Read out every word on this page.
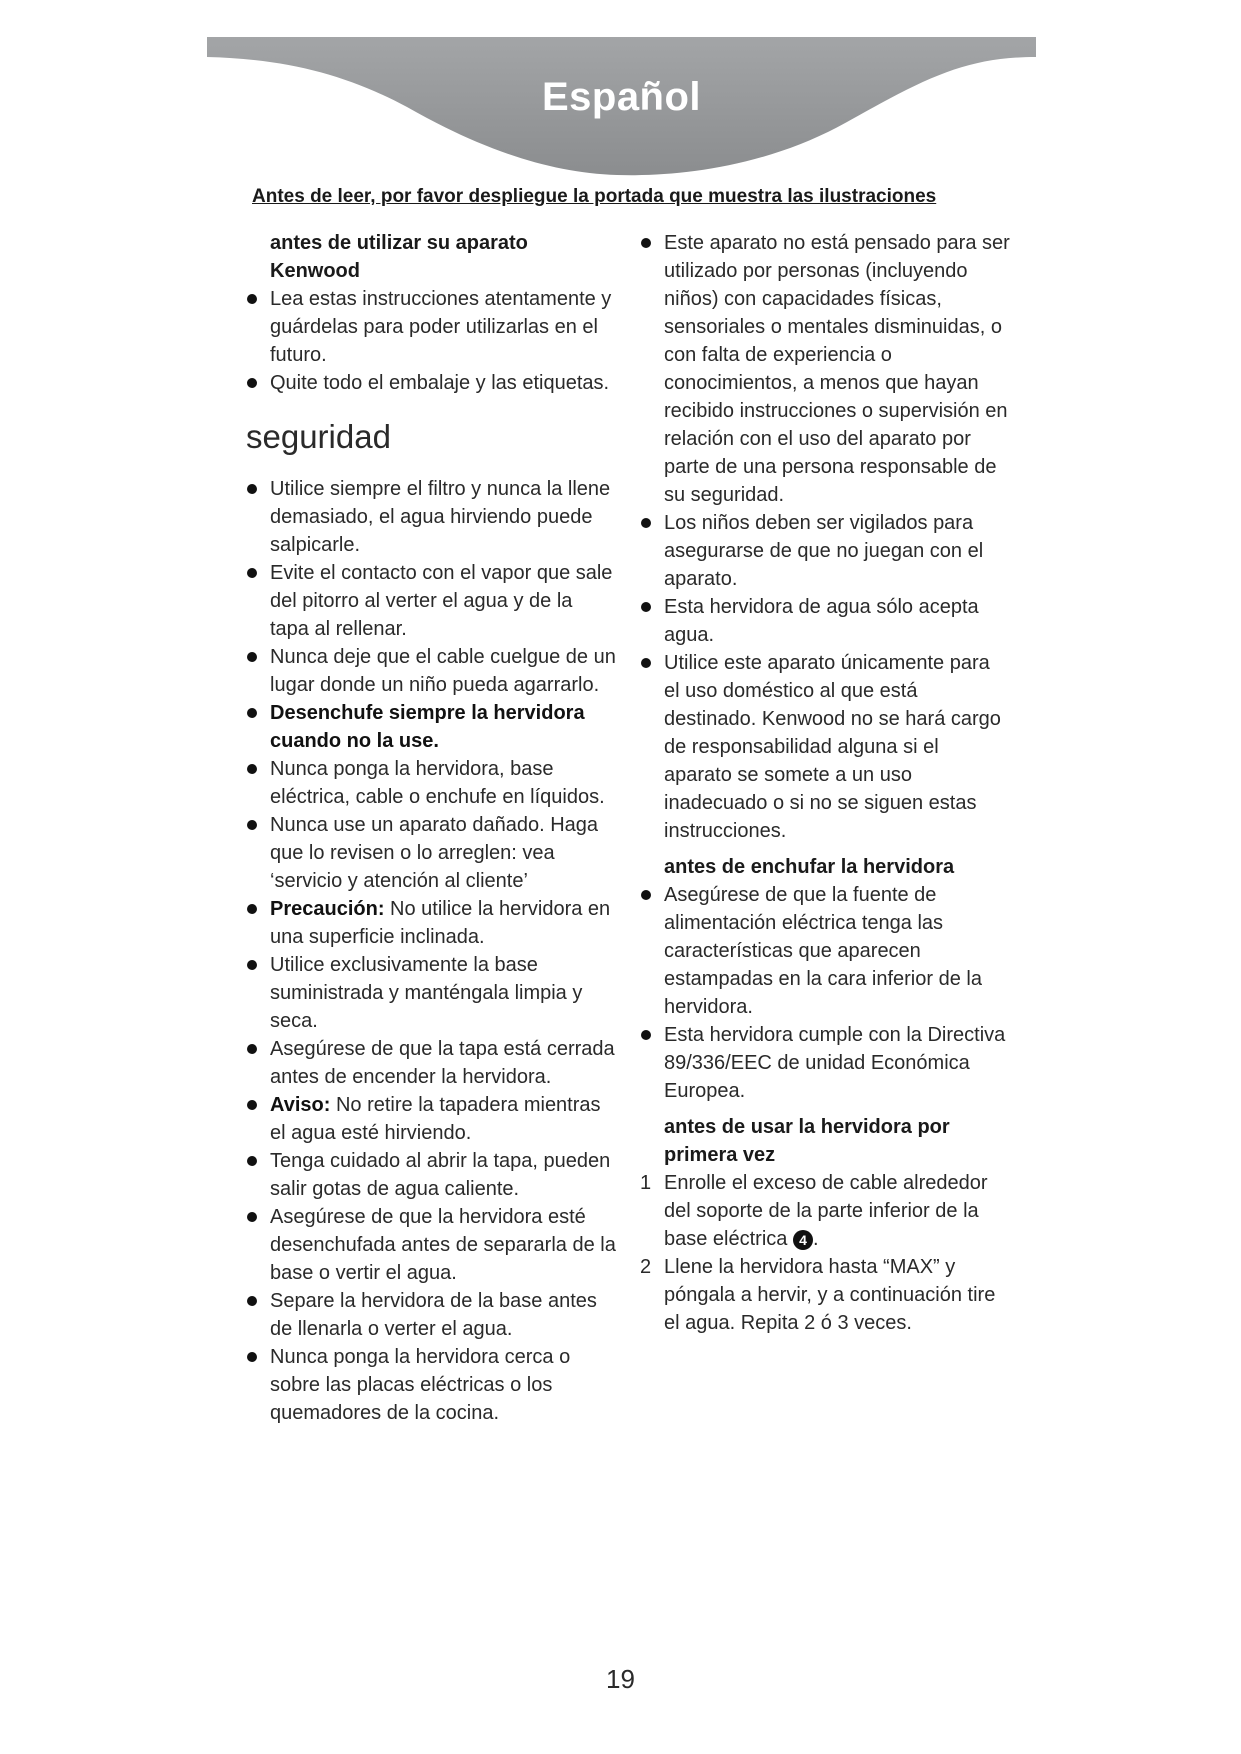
Español
Antes de leer, por favor despliegue la portada que muestra las ilustraciones
antes de utilizar su aparato Kenwood
Lea estas instrucciones atentamente y guárdelas para poder utilizarlas en el futuro.
Quite todo el embalaje y las etiquetas.
seguridad
Utilice siempre el filtro y nunca la llene demasiado, el agua hirviendo puede salpicarle.
Evite el contacto con el vapor que sale del pitorro al verter el agua y de la tapa al rellenar.
Nunca deje que el cable cuelgue de un lugar donde un niño pueda agarrarlo.
Desenchufe siempre la hervidora cuando no la use.
Nunca ponga la hervidora, base eléctrica, cable o enchufe en líquidos.
Nunca use un aparato dañado. Haga que lo revisen o lo arreglen: vea ‘servicio y atención al cliente’
Precaución: No utilice la hervidora en una superficie inclinada.
Utilice exclusivamente la base suministrada y manténgala limpia y seca.
Asegúrese de que la tapa está cerrada antes de encender la hervidora.
Aviso: No retire la tapadera mientras el agua esté hirviendo.
Tenga cuidado al abrir la tapa, pueden salir gotas de agua caliente.
Asegúrese de que la hervidora esté desenchufada antes de separarla de la base o vertir el agua.
Separe la hervidora de la base antes de llenarla o verter el agua.
Nunca ponga la hervidora cerca o sobre las placas eléctricas o los quemadores de la cocina.
Este aparato no está pensado para ser utilizado por personas (incluyendo niños) con capacidades físicas, sensoriales o mentales disminuidas, o con falta de experiencia o conocimientos, a menos que hayan recibido instrucciones o supervisión en relación con el uso del aparato por parte de una persona responsable de su seguridad.
Los niños deben ser vigilados para asegurarse de que no juegan con el aparato.
Esta hervidora de agua sólo acepta agua.
Utilice este aparato únicamente para el uso doméstico al que está destinado. Kenwood no se hará cargo de responsabilidad alguna si el aparato se somete a un uso inadecuado o si no se siguen estas instrucciones.
antes de enchufar la hervidora
Asegúrese de que la fuente de alimentación eléctrica tenga las características que aparecen estampadas en la cara inferior de la hervidora.
Esta hervidora cumple con la Directiva 89/336/EEC de unidad Económica Europea.
antes de usar la hervidora por primera vez
1 Enrolle el exceso de cable alrededor del soporte de la parte inferior de la base eléctrica 4 .
2 Llene la hervidora hasta “MAX” y póngala a hervir, y a continuación tire el agua. Repita 2 ó 3 veces.
19
